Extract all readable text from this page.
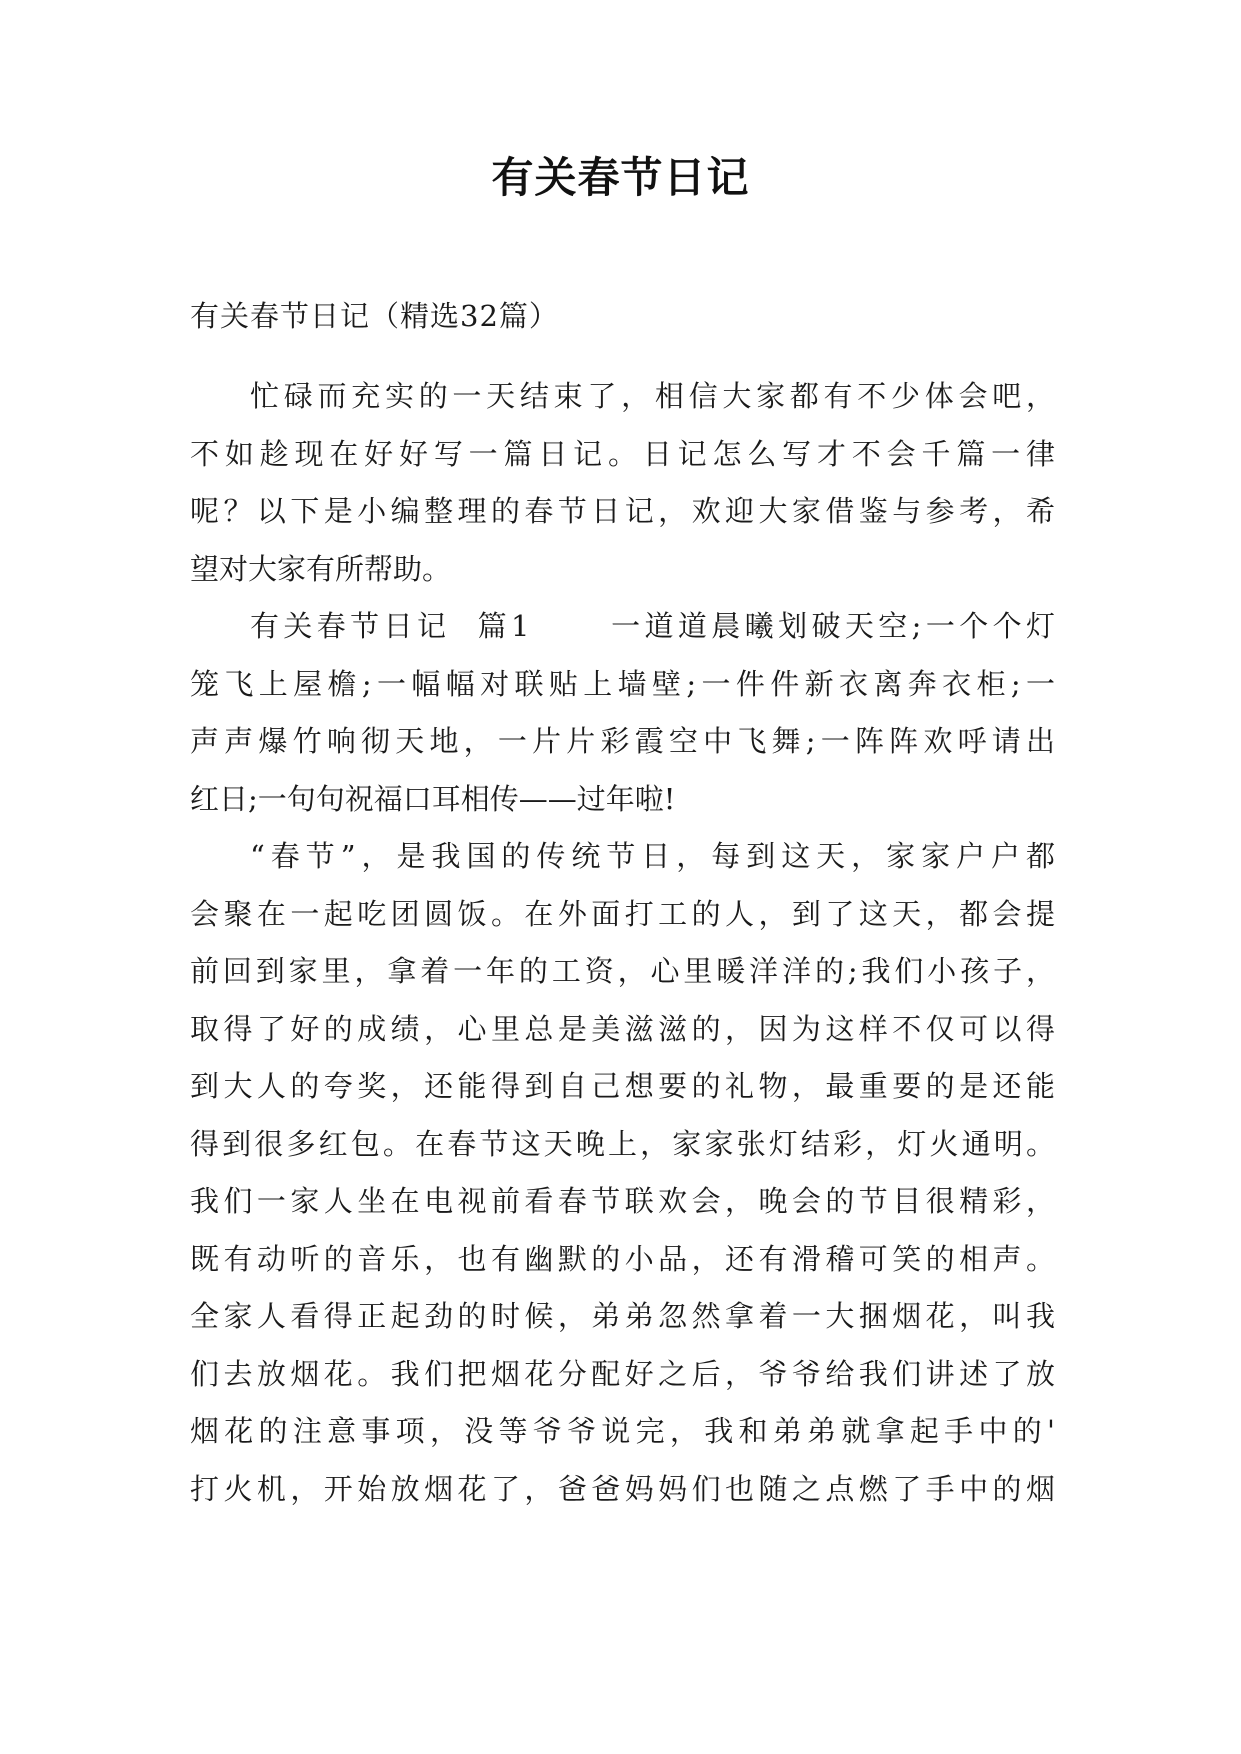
有关春节日记
有关春节日记（精选32篇）
忙碌而充实的一天结束了，相信大家都有不少体会吧，
不如趁现在好好写一篇日记。日记怎么写才不会千篇一律
呢？以下是小编整理的春节日记，欢迎大家借鉴与参考，希
望对大家有所帮助。
有关春节日记  篇1      一道道晨曦划破天空;一个个灯
笼飞上屋檐;一幅幅对联贴上墙壁;一件件新衣离奔衣柜;一
声声爆竹响彻天地，一片片彩霞空中飞舞;一阵阵欢呼请出
红日;一句句祝福口耳相传——过年啦!
“春节”，是我国的传统节日，每到这天，家家户户都
会聚在一起吃团圆饭。在外面打工的人，到了这天，都会提
前回到家里，拿着一年的工资，心里暖洋洋的;我们小孩子，
取得了好的成绩，心里总是美滋滋的，因为这样不仅可以得
到大人的夸奖，还能得到自己想要的礼物，最重要的是还能
得到很多红包。在春节这天晚上，家家张灯结彩，灯火通明。
我们一家人坐在电视前看春节联欢会，晚会的节目很精彩，
既有动听的音乐，也有幽默的小品，还有滑稽可笑的相声。
全家人看得正起劲的时候，弟弟忽然拿着一大捆烟花，叫我
们去放烟花。我们把烟花分配好之后，爷爷给我们讲述了放
烟花的注意事项，没等爷爷说完，我和弟弟就拿起手中的'
打火机，开始放烟花了，爸爸妈妈们也随之点燃了手中的烟
